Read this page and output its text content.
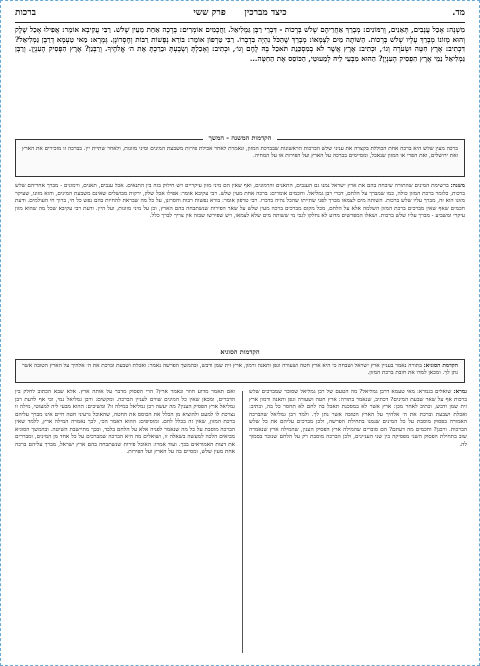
מד.
כיצד מברכין      פרק ששי
ברכות
מִשְׁנָה: אָכַל עֲנָבִים, תְּאֵנִים, וְרִמּוֹנִים: מְבָרֵךְ אַחֲרֵיהֶם שָׁלֹשׁ בְּרָכוֹת - דִּבְרֵי רַבָּן גַּמְלִיאֵל. וַחֲכָמִים אוֹמְרִים: בְּרָכָה אַחַת מֵעֵין שָׁלֹשׁ. רַבִּי עֲקִיבָא אוֹמֵר: אֲפִילוּ אָכַל שֶׁלֶק וְהוּא מְזוֹנוֹ מְבָרֵךְ עָלָיו שָׁלֹשׁ בְּרָכוֹת. הַשּׁוֹתֶה מַיִם לִצְמָאוֹ: מְבָרֵךְ שֶׁהַכֹּל נִהְיָה בִּדְבָרוֹ. רַבִּי טַרְפוֹן אוֹמֵר: בּוֹרֵא נְפָשׁוֹת רַבּוֹת וְחֶסְרוֹנָן. גְּמָרָא: מַאי טַעְמָא דְרַבָּן גַּמְלִיאֵל? דִּכְתִיב: אֶרֶץ חִטָּה וּשְׂעֹרָה וְגוֹ׳, וּכְתִיב: אֶרֶץ אֲשֶׁר לֹא בְמִסְכֵּנֻת תֹּאכַל בָּהּ לֶחֶם וְגוֹ׳, וּכְתִיב: וְאָכַלְתָּ וְשָׂבָעְתָּ וּבֵרַכְתָּ אֶת ה׳ אֱלֹהֶיךָ. וְרַבָּנַן? אֶרֶץ הִפְסִיק הָעִנְיָן. וְרַבָּן גַּמְלִיאֵל נַמֵי אֶרֶץ הִפְסִיק הָעִנְיָן? הַהוּא מִבְּעֵי לֵיהּ לְמַעוּטֵי, הַכּוֹסֵס אֶת הַחִטָּה...
הקדמות המשנה - המשך
ברכה מעין שלש היא ברכה אחת הכוללת בקצרה את עניני שלש הברכות הראשונות שבברכת המזון, ונאמרת לאחר אכילת פירות משבעת המינים ומיני מזונות, ולאחר שתיית יין. בברכה זו מזכירים את הארץ ואת ירושלים, ואת הפרי או המזון שנאכל, ומסיימים בברכה על הארץ ועל הפירות או על המחיה.
משנה: ברשימת המינים שהתורה שיבחה בהם את ארץ ישראל נמנו גם הענבים, התאנים והרמונים, ואף שאין הם מיני מזון עיקריים ויש חילוק בזה בין התנאים. אכל ענבים, תאנים, ורמונים - מברך אחריהם שלש ברכות, כלומר ברכת המזון כולה, כמו שמברך על הלחם, דברי רבן גמליאל. וחכמים אומרים: ברכה אחת מעין שלש. רבי עקיבא אומר: אפילו אכל שלק, ירקות מבושלים שאינם משבעת המינים, והוא מזונו, שעיקר מזונו הוא זה, מברך עליו שלש ברכות. השותה מים לצמאו מברך לפני שתייתו שהכל נהיה בדברו. רבי טרפון אומר: בורא נפשות רבות וחסרונן, על כל מה שבראת להחיות בהם נפש כל חי, ברוך חי העולמים. ודעת חכמים שאף שאין מברכים ברכת המזון השלמה אלא על הלחם, מכל מקום מברכים ברכה מעין שלש על שאר הפירות שנשתבחה בהם הארץ, וכן על מיני מזונות, ועל היין. ודעת רבי עקיבא שכל מה שהוא מזון עיקרי ומשביע - מברך עליו שלש ברכות. ושאלו המפרשים מדוע לא נחלקו לגבי מי ששותה מים שלא לצמאו, ויש שפירשו שבזה אין צריך לברך כלל.
הקדמות הסוגיא
הקדמת הסוגיא: בתורה נאמר בעניין ארץ ישראל ושבחה כי היא ארץ חטה ושעורה וגפן ותאנה ורמון, ארץ זית שמן ודבש, ובהמשך הפרשה נאמר: ואכלת ושבעת וברכת את ה׳ אלהיך על הארץ הטובה אשר נתן לך. ומכאן למדו את חובת ברכת המזון.
גמרא: שואלים בגמרא: מאי טעמא דרבן גמליאל? מה הטעם של רבן גמליאל שסובר שמברכים שלש ברכות אף על שאר שבעת המינים? דכתיב, שנאמר בתורה: ארץ חטה ושעורה וגפן ותאנה ורמון ארץ זית שמן ודבש, וכתיב לאחר מכן: ארץ אשר לא במסכנת תאכל בה לחם לא תחסר כל בה, וכתיב: ואכלת ושבעת וברכת את ה׳ אלהיך על הארץ הטובה אשר נתן לך. ולמד רבן גמליאל שהברכה האמורה בפסוק מוסבת על כל המינים שנמנו בתחילת הפרשה, ולכן מברכים עליהם את כל שלש הברכות. ורבנן? וחכמים מה דעתם? הם סוברים שהמילה ארץ הפסיק הענין, שהמילה ארץ שנאמרה שוב בתחילת הפסוק השני מפסיקה בין שני העניינים, ולכן הברכה מוסבת רק על הלחם שנזכר בסמוך לה.
ואם תאמר מדוע חוזר ונאמר ארץ? הרי הפסוק מדבר על אותה ארץ. אלא שבא הכתוב לחלק בין הדברים, ומכאן שאין כל המינים שווים לעניין הברכה. ומקשים: ורבן גמליאל נמי, וכי אף לדעת רבן גמליאל ארץ הפסיק הענין? מה יעשה רבן גמליאל במילה זו? ומשיבים: ההוא מבעי ליה למעוטי, מילה זו נצרכת לו למעט ולהוציא מן הכלל את הכוסס את החטה, שהאוכל גרעיני חטה חיים אינו מברך עליהם ברכת המזון, שאין זה בכלל לחם. ומוסיפים: ההוא דאמר הכי, לכך נאמרה המילה ארץ, ללמד שאין הברכה מוסבת על כל מה שנאמר לפניה אלא על הלחם בלבד, ובכך מתיישבת השיטה. ובהמשך הסוגיא מביאים הלכה למעשה בשאלה זו, ושואלים מה היא הברכה שמברכים על כל אחד מן המינים, ומבררים את דעות האמוראים בכך. ועוד אמרו: האוכל פירות שנשתבחה בהם ארץ ישראל, מברך עליהם ברכה אחת מעין שלש, ומסיים בה על הארץ ועל הפירות.
